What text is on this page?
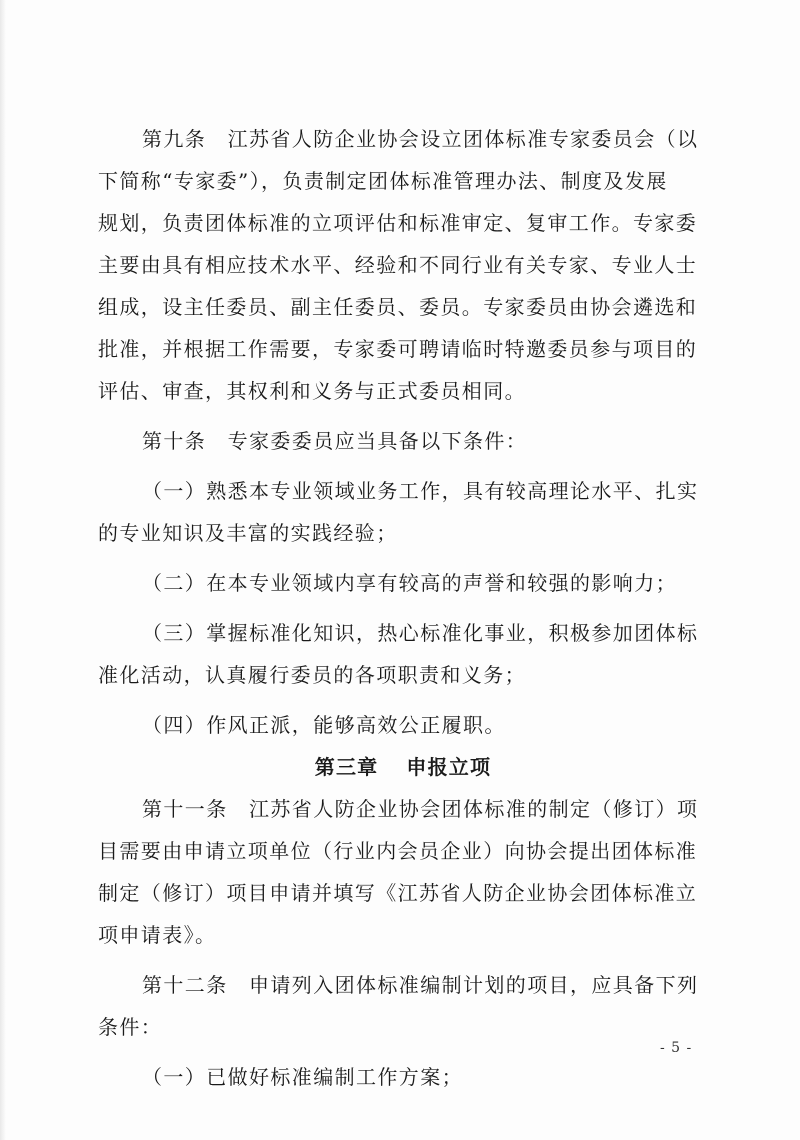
第九条　江苏省人防企业协会设立团体标准专家委员会（以
下简称“专家委”），负责制定团体标准管理办法、制度及发展
规划，负责团体标准的立项评估和标准审定、复审工作。专家委
主要由具有相应技术水平、经验和不同行业有关专家、专业人士
组成，设主任委员、副主任委员、委员。专家委员由协会遴选和
批准，并根据工作需要，专家委可聘请临时特邀委员参与项目的
评估、审查，其权利和义务与正式委员相同。
第十条　专家委委员应当具备以下条件：
（一）熟悉本专业领域业务工作，具有较高理论水平、扎实
的专业知识及丰富的实践经验；
（二）在本专业领域内享有较高的声誉和较强的影响力；
（三）掌握标准化知识，热心标准化事业，积极参加团体标
准化活动，认真履行委员的各项职责和义务；
（四）作风正派，能够高效公正履职。
第三章 申报立项
第十一条　江苏省人防企业协会团体标准的制定（修订）项
目需要由申请立项单位（行业内会员企业）向协会提出团体标准
制定（修订）项目申请并填写《江苏省人防企业协会团体标准立
项申请表》。
第十二条　申请列入团体标准编制计划的项目，应具备下列
条件：
（一）已做好标准编制工作方案；
- 5 -
